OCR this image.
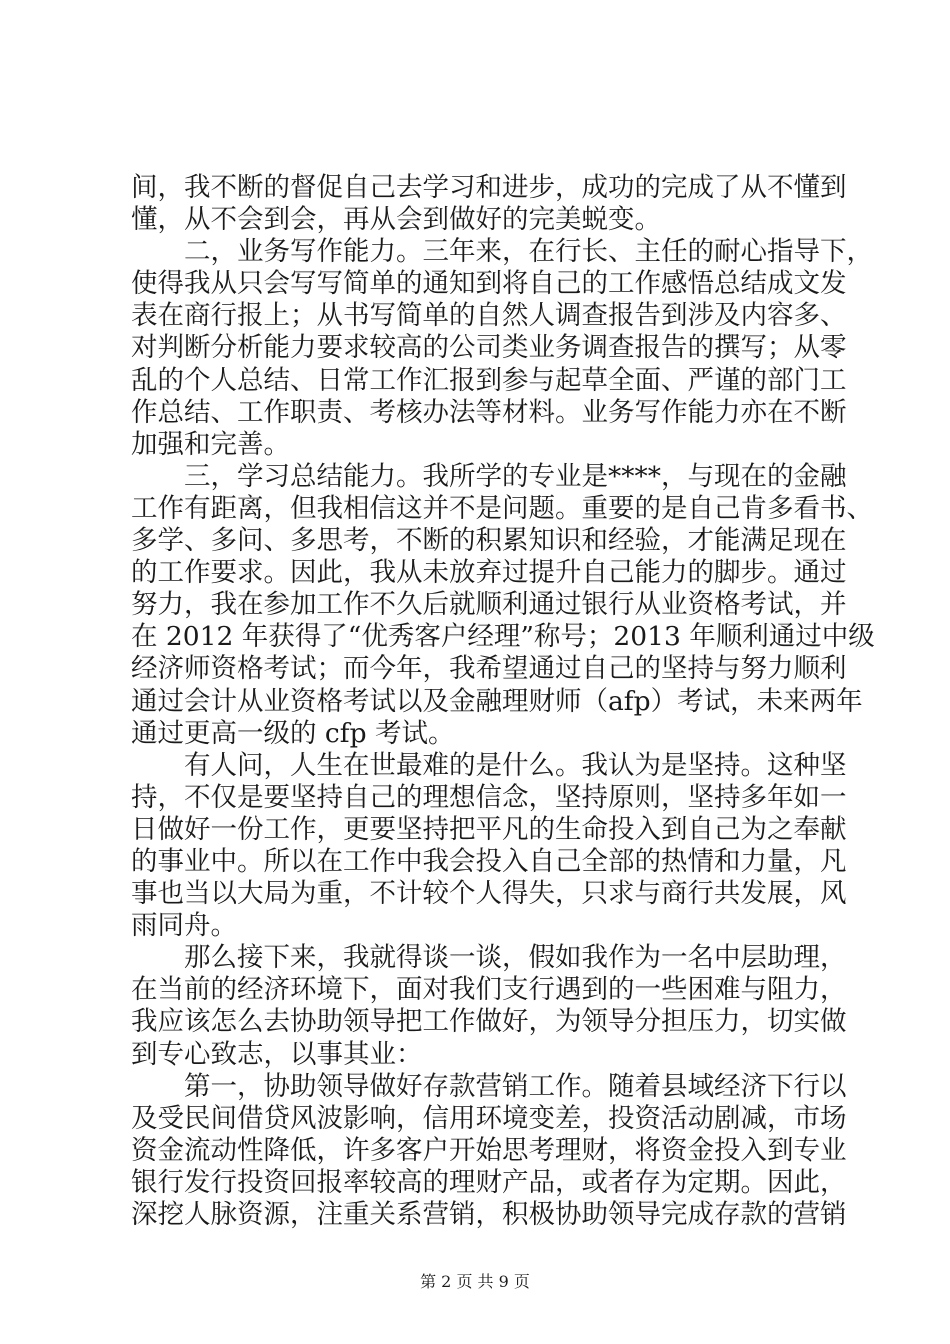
间，我不断的督促自己去学习和进步，成功的完成了从不懂到
懂，从不会到会，再从会到做好的完美蜕变。
　　二，业务写作能力。三年来，在行长、主任的耐心指导下，
使得我从只会写写简单的通知到将自己的工作感悟总结成文发
表在商行报上；从书写简单的自然人调查报告到涉及内容多、
对判断分析能力要求较高的公司类业务调查报告的撰写；从零
乱的个人总结、日常工作汇报到参与起草全面、严谨的部门工
作总结、工作职责、考核办法等材料。业务写作能力亦在不断
加强和完善。
　　三，学习总结能力。我所学的专业是****，与现在的金融
工作有距离，但我相信这并不是问题。重要的是自己肯多看书、
多学、多问、多思考，不断的积累知识和经验，才能满足现在
的工作要求。因此，我从未放弃过提升自己能力的脚步。通过
努力，我在参加工作不久后就顺利通过银行从业资格考试，并
在 2012 年获得了“优秀客户经理”称号；2013 年顺利通过中级
经济师资格考试；而今年，我希望通过自己的坚持与努力顺利
通过会计从业资格考试以及金融理财师（afp）考试，未来两年
通过更高一级的 cfp 考试。
　　有人问，人生在世最难的是什么。我认为是坚持。这种坚
持，不仅是要坚持自己的理想信念，坚持原则，坚持多年如一
日做好一份工作，更要坚持把平凡的生命投入到自己为之奉献
的事业中。所以在工作中我会投入自己全部的热情和力量，凡
事也当以大局为重，不计较个人得失，只求与商行共发展，风
雨同舟。
　　那么接下来，我就得谈一谈，假如我作为一名中层助理，
在当前的经济环境下，面对我们支行遇到的一些困难与阻力，
我应该怎么去协助领导把工作做好，为领导分担压力，切实做
到专心致志，以事其业：
　　第一，协助领导做好存款营销工作。随着县域经济下行以
及受民间借贷风波影响，信用环境变差，投资活动剧减，市场
资金流动性降低，许多客户开始思考理财，将资金投入到专业
银行发行投资回报率较高的理财产品，或者存为定期。因此，
深挖人脉资源，注重关系营销，积极协助领导完成存款的营销
第 2 页 共 9 页
